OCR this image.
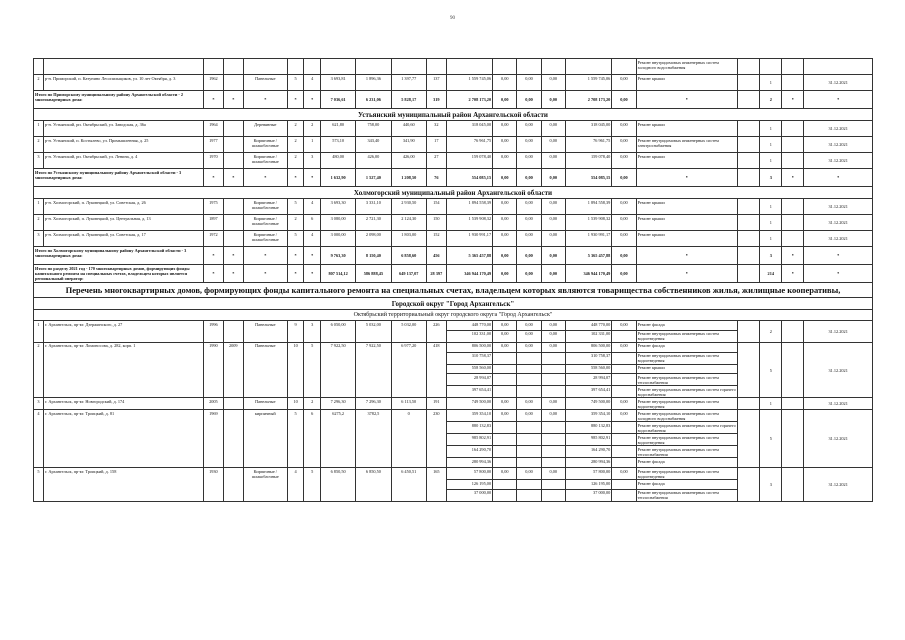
90
																	Ремонт внутридомовых инженерных систем холодного водоснабжения				
2	р-н. Приморский, п. Катунино Лесопильщиков, ул. 10 лет Октября, д. 3	1962		Панельные	5	4	3 693,81	1 896,36	1 397,77	137	1 559 745,06	0,00	0,00	0,00	1 559 745,06	0,00	Ремонт крыши		1		31.12.2021
Итого по Приморскому муниципальному району Архангельской области - 2 многоквартирных дома:		*	*	*	*	*	7 036,61	6 231,06	5 828,17	319	2 708 173,20	0,00	0,00	0,00	2 708 173,20	0,00	*		2	*	*
Устьянский муниципальный район Архангельской области																					
1	р-н. Устьянский, рп. Октябрьский, ул. Заводская, д. 36а	1964		Деревянные	2	2	621,80	758,00	440,60	32	318 045,00	0,00	0,00	0,00	318 045,00	0,00	Ремонт крыши		1		31.12.2021
2	р-н. Устьянский, п. Костылево, ул. Промышленная, д. 25	1977		Кирпичные / шлакоблочные	2	1	573,10	343,40	341,90	17	76 961,75	0,00	0,00	0,00	76 961,75	0,00	Ремонт внутридомовых инженерных систем электроснабжения		1		31.12.2021
3	р-н. Устьянский, рп. Октябрьский, ул. Ленина, д. 4	1970		Кирпичные / шлакоблочные	2	3	480,00	426,00	426,00	27	159 078,40	0,00	0,00	0,00	159 078,40	0,00	Ремонт крыши		1		31.12.2021
Итого по Устьянскому муниципальному району Архангельской области - 3 многоквартирных дома:		*	*	*	*	*	1 632,90	1 527,40	1 208,50	76	554 085,15	0,00	0,00	0,00	554 085,15	0,00	*		3	*	*
Холмогорский муниципальный район Архангельской области																					
1	р-н. Холмогорский, п. Луковецкий, ул. Советская, д. 26	1975		Кирпичные / шлакоблочные	5	4	3 693,30	3 331,10	2 930,50	154	1 894 558,39	0,00	0,00	0,00	1 894 558,39	0,00	Ремонт крыши		1		31.12.2021
2	р-н. Холмогорский, п. Луковецкий, ул. Центральная, д. 13	1897		Кирпичные / шлакоблочные	2	6	3 080,00	2 721,30	2 124,30	150	1 539 908,32	0,00	0,00	0,00	1 539 908,32	0,00	Ремонт крыши		1		31.12.2021
3	р-н. Холмогорский, п. Луковецкий, ул. Советская, д. 17	1972		Кирпичные / шлакоблочные	5	4	3 000,00	2 098,00	1 803,00	152	1 930 991,17	0,00	0,00	0,00	1 930 991,17	0,00	Ремонт крыши		1		31.12.2021
Итого по Холмогорскому муниципальному району Архангельской области - 3 многоквартирных дома:		*	*	*	*	*	9 763,30	8 150,40	6 858,60	456	5 365 457,88	0,00	0,00	0,00	5 365 457,88	0,00	*		3	*	*
Итого по разделу 2021 год - 170 многоквартирных домов, формирующих фонды капитального ремонта на специальных счетах, владельцем которых является региональный оператор:		*	*	*	*	*	807 514,12	586 888,45	649 137,07	28 397	346 944 170,49	0,00	0,00	0,00	346 944 170,49	0,00	*		214	*	*
Перечень многоквартирных домов, формирующих фонды капитального ремонта на специальных счетах, владельцем которых являются товарищества собственников жилья, жилищные кооперативы,																					
Городской округ "Город Архангельск"																					
Октябрьский территориальный округ городского округа "Город Архангельск"																					
1	г. Архангельск, пр-кт. Дзержинского, д. 27	1996		Панельные	9	3	6 050,00	5 032,00	5 032,00	226	448 770,00	0,00	0,00	0,00	448 770,00	0,00	Ремонт фасада		2		31.12.2021
											102 331,00	0,00	0,00	0,00	102 331,00		Ремонт внутридомовых инженерных систем водоотведения				
2	г. Архангельск, пр-кт. Ломоносова, д. 282, корп. 1	1990	2009	Панельные	10	5	7 922,50	7 922,50	6 977,20	418	806 500,00	0,00	0,00	0,00	806 500,00	0,00	Ремонт фасада		5		31.12.2021
											310 758,37				310 758,37		Ремонт внутридомовых инженерных систем водоотведения				
											558 560,00				558 560,00		Ремонт крыши				
											28 994,07				28 994,07		Ремонт внутридомовых инженерных систем теплоснабжения				
											397 654,41				397 654,41		Ремонт внутридомовых инженерных систем горячего водоснабжения				
3	г. Архангельск, пр-кт. Новгородский, д. 174	2005		Панельные	10	2	7 296,30	7 296,30	6 113,50	191	749 500,00	0,00	0,00	0,00	749 500,00	0,00	Ремонт внутридомовых инженерных систем водоотведения		1		31.12.2021
4	г. Архангельск, пр-кт. Троицкий, д. 81	1969		кирпичный	5	6	6275,2	3782,5	0	230	359 354,10	0,00	0,00	0,00	359 354,10	0,00	Ремонт внутридомовых инженерных систем холодного водоснабжения		5		31.12.2021
											880 132,83				880 132,83		Ремонт внутридомовых инженерных систем горячего водоснабжения				
											985 802,91				985 802,91		Ремонт внутридомовых инженерных систем водоотведения				
											164 290,70				164 290,70		Ремонт внутридомовых инженерных систем теплоснабжения				
											280 994,36				280 994,36		Ремонт фасада				
5	г. Архангельск, пр-кт. Троицкий, д. 158	1930		Кирпичные / шлакоблочные	4	5	6 850,50	6 850,50	6 450,51	165	57 800,00	0,00	0,00	0,00	57 800,00	0,00	Ремонт внутридомовых инженерных систем водоотведения		3		31.12.2021
											126 195,00				126 195,00		Ремонт фасада				
											37 000,00				37 000,00		Ремонт внутридомовых инженерных систем теплоснабжения				
